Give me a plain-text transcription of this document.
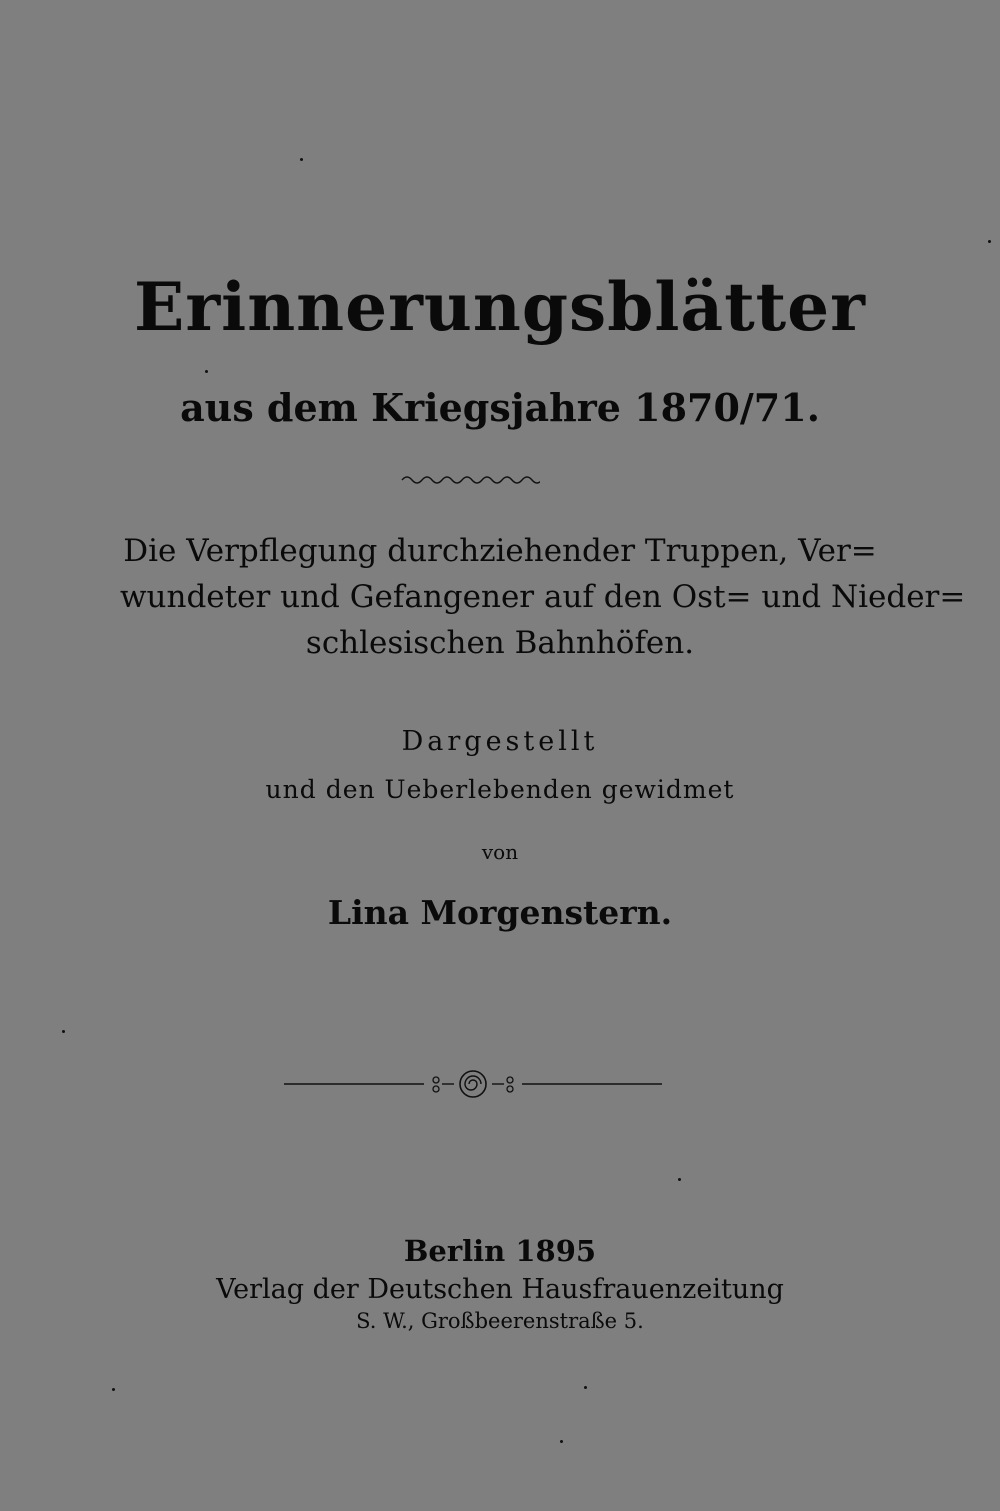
Erinnerungsblätter
aus dem Kriegsjahre 1870/71.
Die Verpflegung durchziehender Truppen, Ver=
wundeter und Gefangener auf den Ost= und Nieder=
schlesischen Bahnhöfen.
Dargestellt
und den Ueberlebenden gewidmet
von
Lina Morgenstern.
Berlin 1895
Verlag der Deutschen Hausfrauenzeitung
S. W., Großbeerenstraße 5.
